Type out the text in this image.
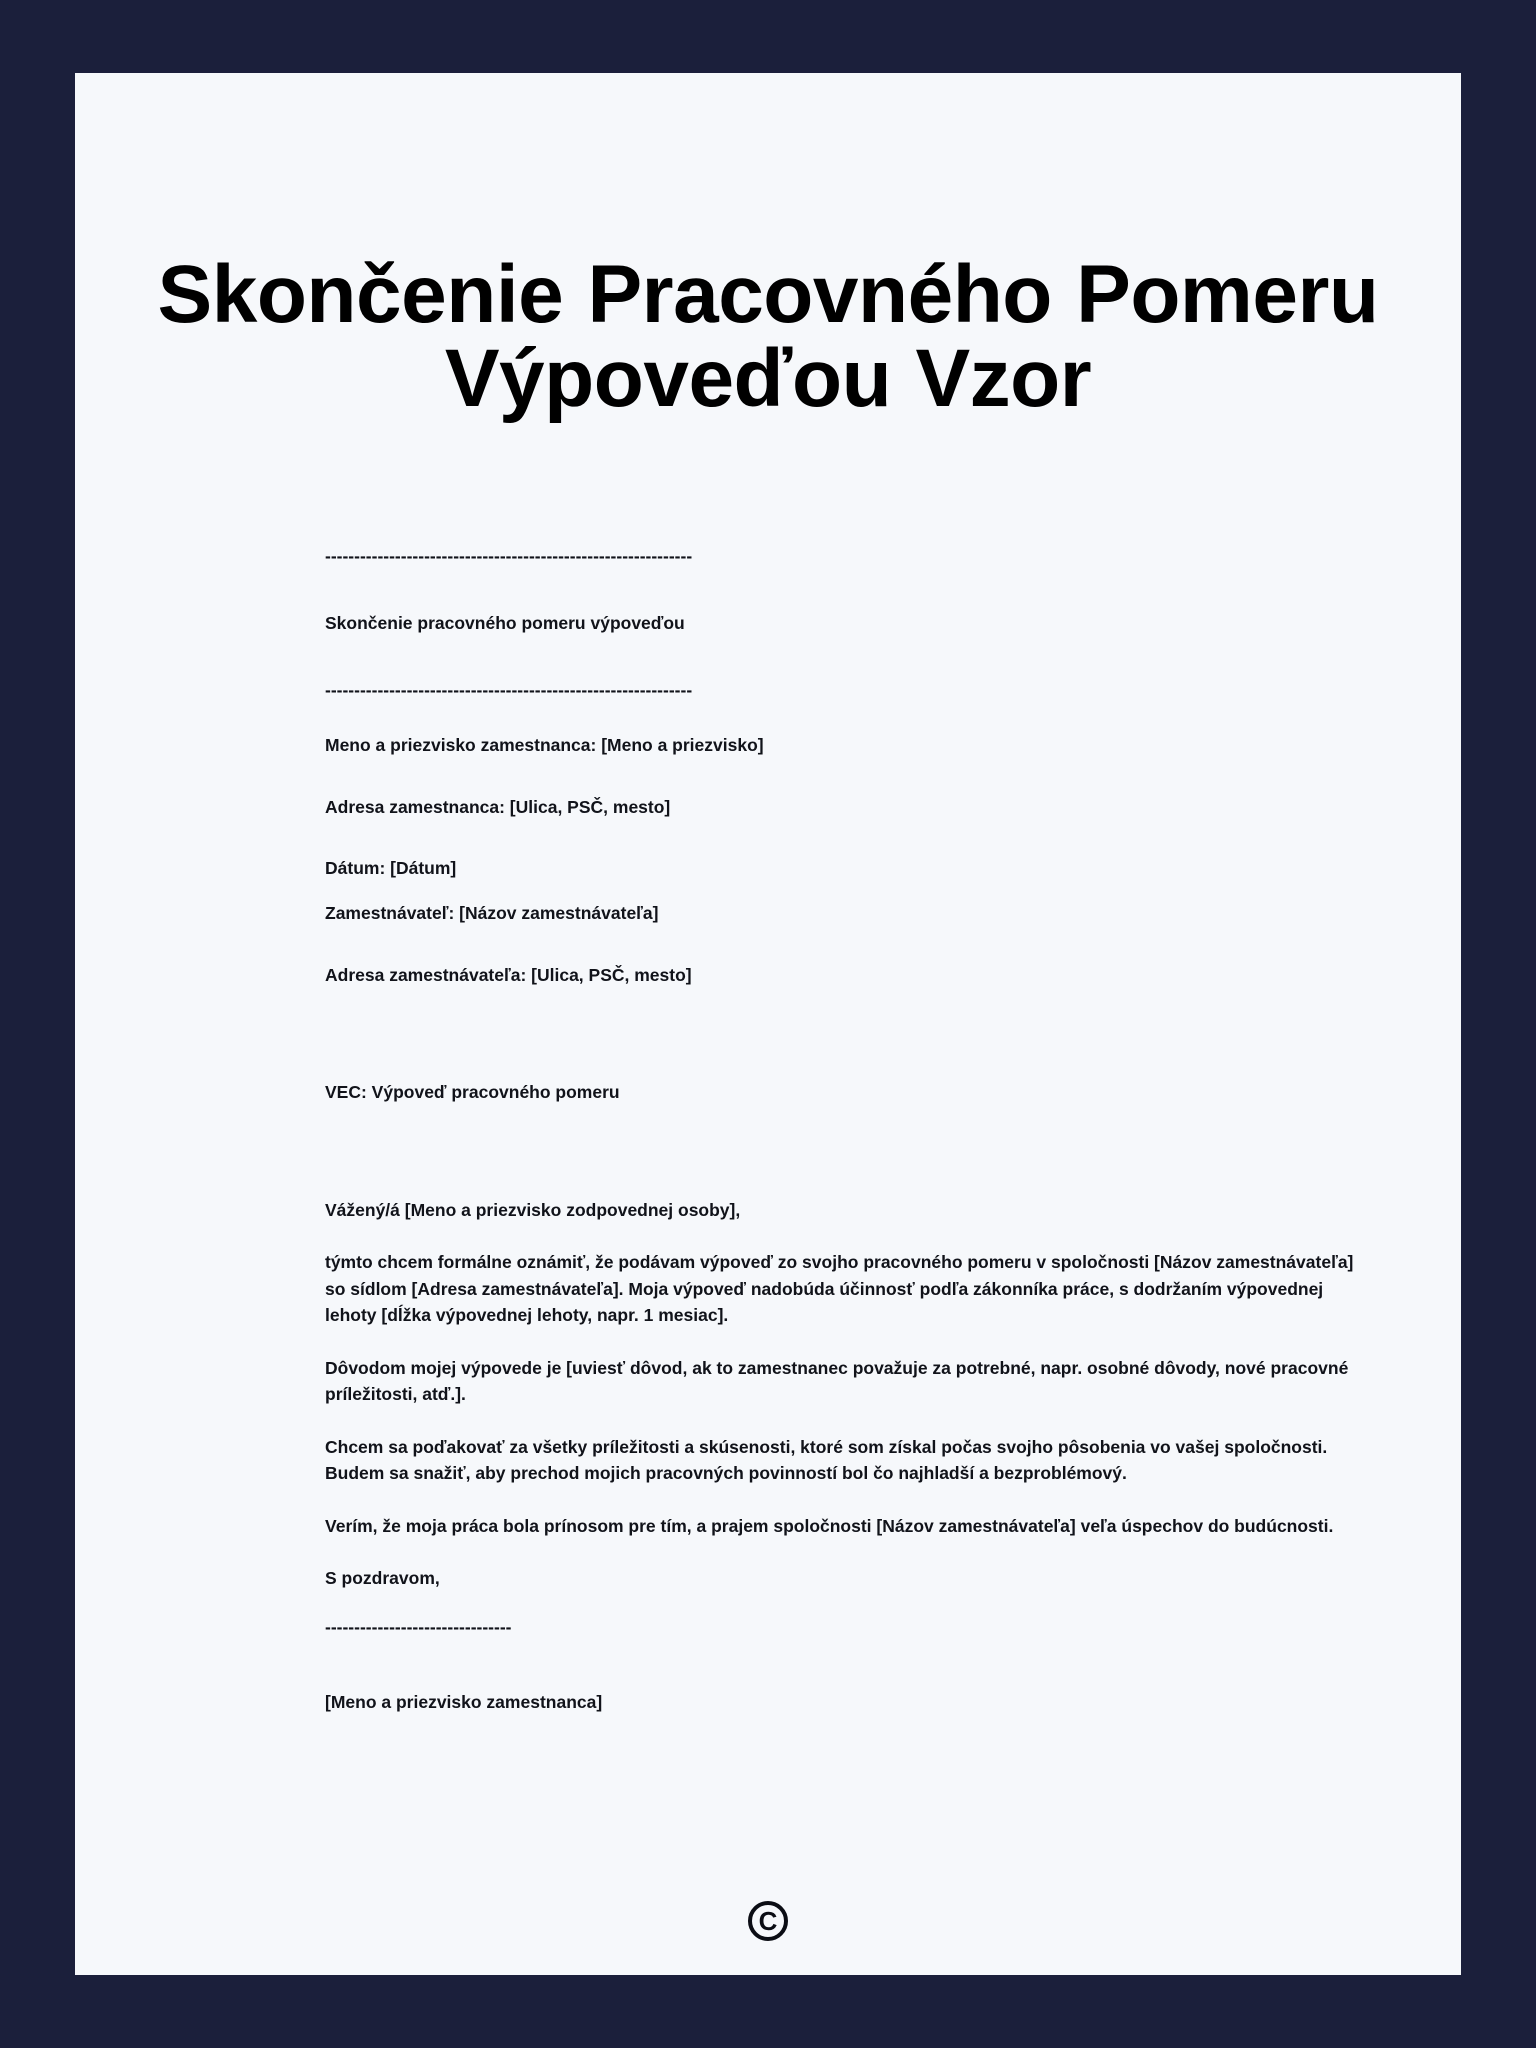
Skončenie Pracovného Pomeru Výpoveďou Vzor
---------------------------------------------------------------
Skončenie pracovného pomeru výpoveďou
---------------------------------------------------------------
Meno a priezvisko zamestnanca: [Meno a priezvisko]
Adresa zamestnanca: [Ulica, PSČ, mesto]
Dátum: [Dátum]
Zamestnávateľ: [Názov zamestnávateľa]
Adresa zamestnávateľa: [Ulica, PSČ, mesto]
VEC: Výpoveď pracovného pomeru
Vážený/á [Meno a priezvisko zodpovednej osoby],

týmto chcem formálne oznámiť, že podávam výpoveď zo svojho pracovného pomeru v spoločnosti [Názov zamestnávateľa] so sídlom [Adresa zamestnávateľa]. Moja výpoveď nadobúda účinnosť podľa zákonníka práce, s dodržaním výpovednej lehoty [dĺžka výpovednej lehoty, napr. 1 mesiac].

Dôvodom mojej výpovede je [uviesť dôvod, ak to zamestnanec považuje za potrebné, napr. osobné dôvody, nové pracovné príležitosti, atď.].

Chcem sa poďakovať za všetky príležitosti a skúsenosti, ktoré som získal počas svojho pôsobenia vo vašej spoločnosti. Budem sa snažiť, aby prechod mojich pracovných povinností bol čo najhladší a bezproblémový.

Verím, že moja práca bola prínosom pre tím, a prajem spoločnosti [Názov zamestnávateľa] veľa úspechov do budúcnosti.

S pozdravom,
--------------------------------
[Meno a priezvisko zamestnanca]
C
